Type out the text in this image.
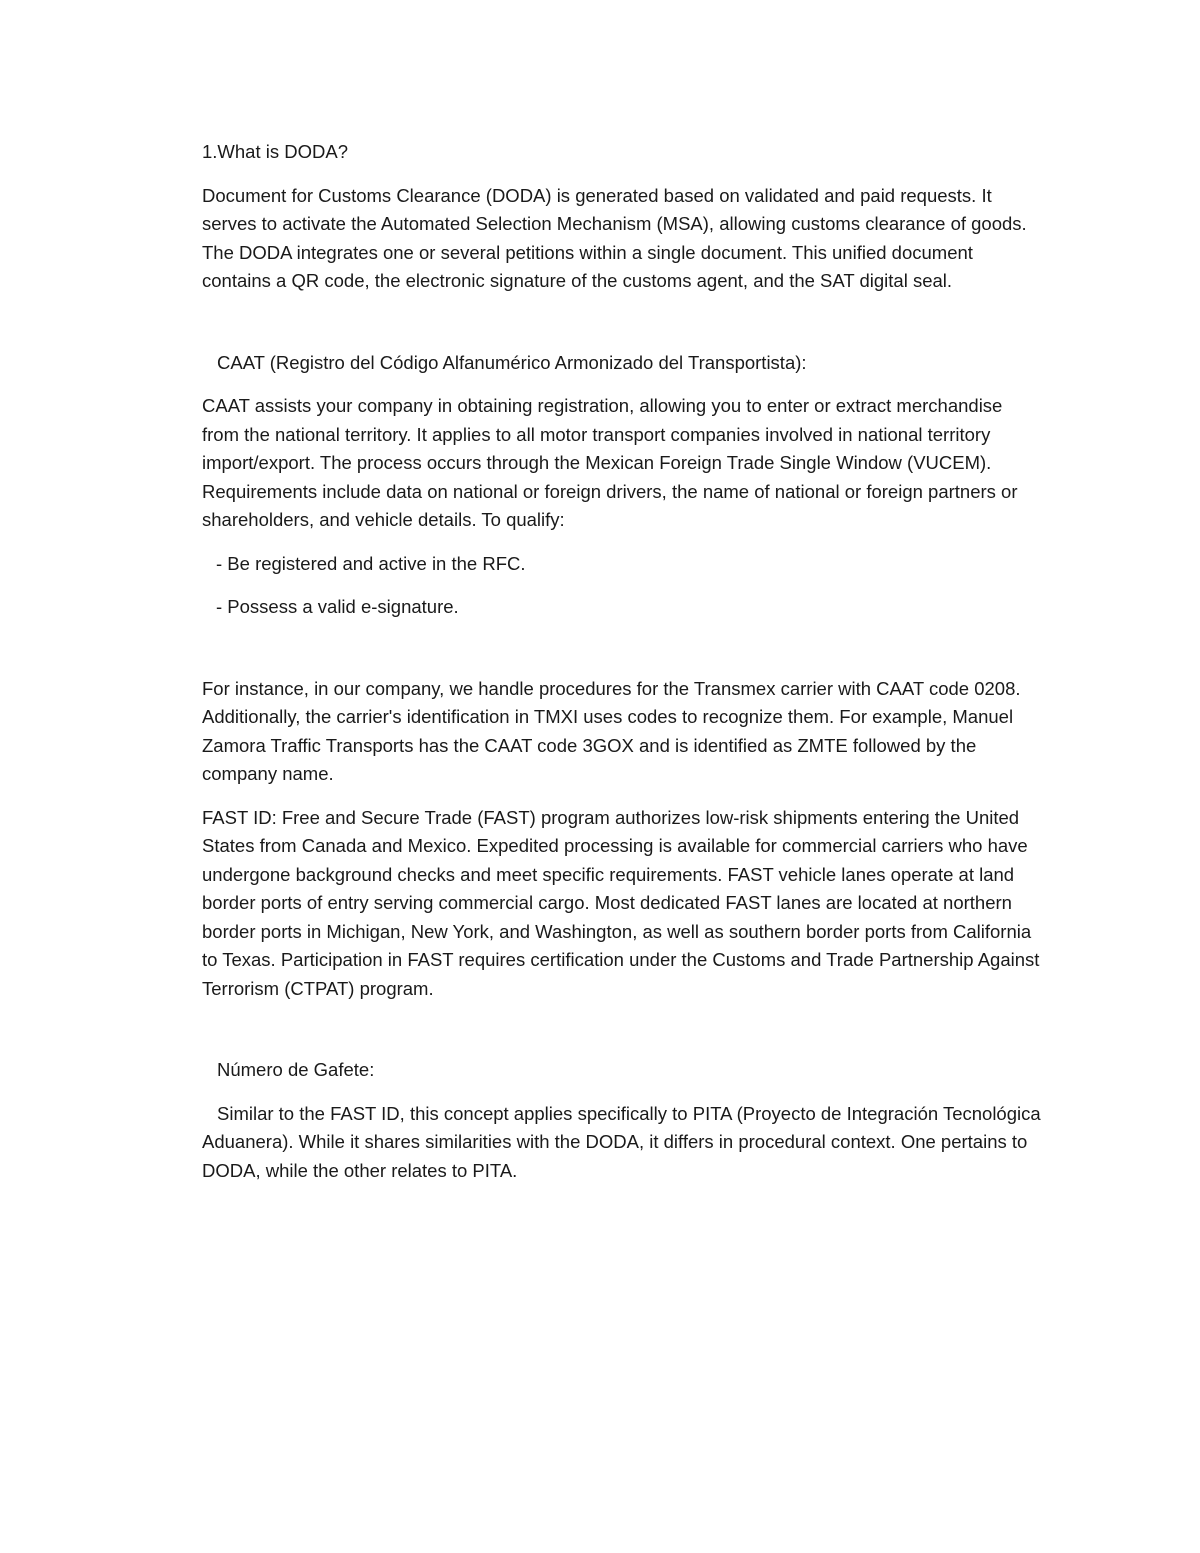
1.What is DODA?

Document for Customs Clearance (DODA) is generated based on validated and paid requests. It serves to activate the Automated Selection Mechanism (MSA), allowing customs clearance of goods. The DODA integrates one or several petitions within a single document. This unified document contains a QR code, the electronic signature of the customs agent, and the SAT digital seal.

CAAT (Registro del Código Alfanumérico Armonizado del Transportista):

CAAT assists your company in obtaining registration, allowing you to enter or extract merchandise from the national territory. It applies to all motor transport companies involved in national territory import/export. The process occurs through the Mexican Foreign Trade Single Window (VUCEM). Requirements include data on national or foreign drivers, the name of national or foreign partners or shareholders, and vehicle details. To qualify:

- Be registered and active in the RFC.

- Possess a valid e-signature.

For instance, in our company, we handle procedures for the Transmex carrier with CAAT code 0208. Additionally, the carrier's identification in TMXI uses codes to recognize them. For example, Manuel Zamora Traffic Transports has the CAAT code 3GOX and is identified as ZMTE followed by the company name.

FAST ID: Free and Secure Trade (FAST) program authorizes low-risk shipments entering the United States from Canada and Mexico. Expedited processing is available for commercial carriers who have undergone background checks and meet specific requirements. FAST vehicle lanes operate at land border ports of entry serving commercial cargo. Most dedicated FAST lanes are located at northern border ports in Michigan, New York, and Washington, as well as southern border ports from California to Texas. Participation in FAST requires certification under the Customs and Trade Partnership Against Terrorism (CTPAT) program.

Número de Gafete:

Similar to the FAST ID, this concept applies specifically to PITA (Proyecto de Integración Tecnológica Aduanera). While it shares similarities with the DODA, it differs in procedural context. One pertains to DODA, while the other relates to PITA.
